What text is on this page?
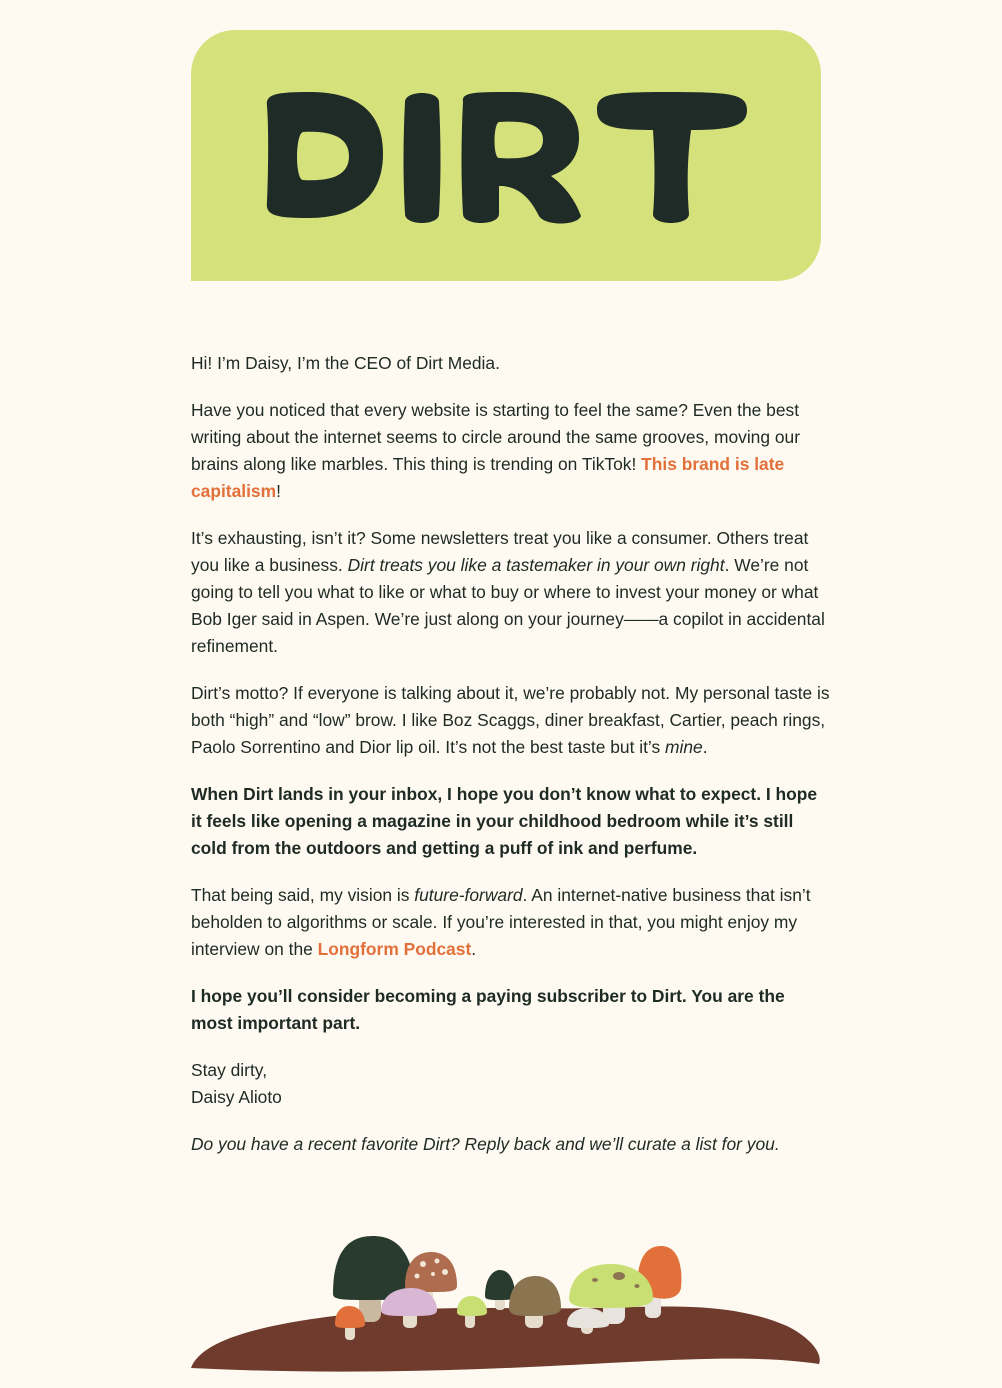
Hi! I’m Daisy, I’m the CEO of Dirt Media.

Have you noticed that every website is starting to feel the same? Even the best writing about the internet seems to circle around the same grooves, moving our brains along like marbles. This thing is trending on TikTok! This brand is late capitalism!

It’s exhausting, isn’t it? Some newsletters treat you like a consumer. Others treat you like a business. Dirt treats you like a tastemaker in your own right. We’re not going to tell you what to like or what to buy or where to invest your money or what Bob Iger said in Aspen. We’re just along on your journey——a copilot in accidental refinement.

Dirt’s motto? If everyone is talking about it, we’re probably not. My personal taste is both “high” and “low” brow. I like Boz Scaggs, diner breakfast, Cartier, peach rings, Paolo Sorrentino and Dior lip oil. It’s not the best taste but it’s mine.

When Dirt lands in your inbox, I hope you don’t know what to expect. I hope it feels like opening a magazine in your childhood bedroom while it’s still cold from the outdoors and getting a puff of ink and perfume.

That being said, my vision is future-forward. An internet-native business that isn’t beholden to algorithms or scale. If you’re interested in that, you might enjoy my interview on the Longform Podcast.

I hope you’ll consider becoming a paying subscriber to Dirt. You are the most important part.

Stay dirty,
Daisy Alioto

Do you have a recent favorite Dirt? Reply back and we’ll curate a list for you.
